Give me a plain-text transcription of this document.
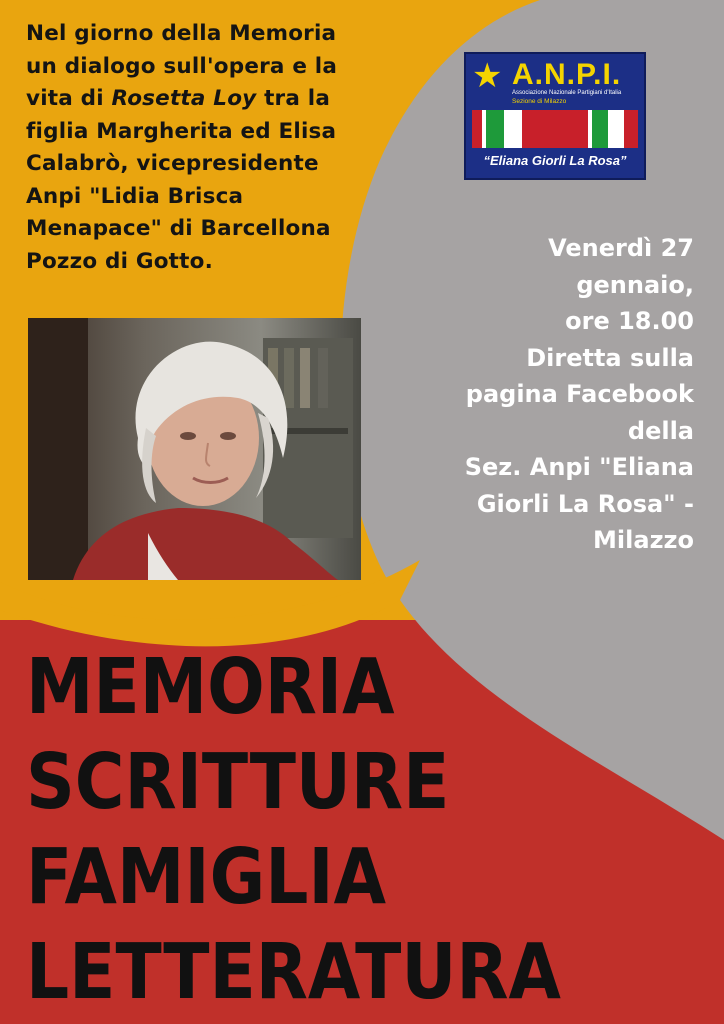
Nel giorno della Memoria
un dialogo sull'opera e la
vita di Rosetta Loy tra la
figlia Margherita ed Elisa
Calabrò, vicepresidente
Anpi "Lidia Brisca
Menapace" di Barcellona
Pozzo di Gotto.
★ A.N.P.I.
Associazione Nazionale Partigiani d'Italia
Sezione di Milazzo
“Eliana Giorli La Rosa”
Venerdì 27
gennaio,
ore 18.00
Diretta sulla
pagina Facebook
della
Sez. Anpi "Eliana
Giorli La Rosa" -
Milazzo
MEMORIA
SCRITTURE
FAMIGLIA
LETTERATURA
